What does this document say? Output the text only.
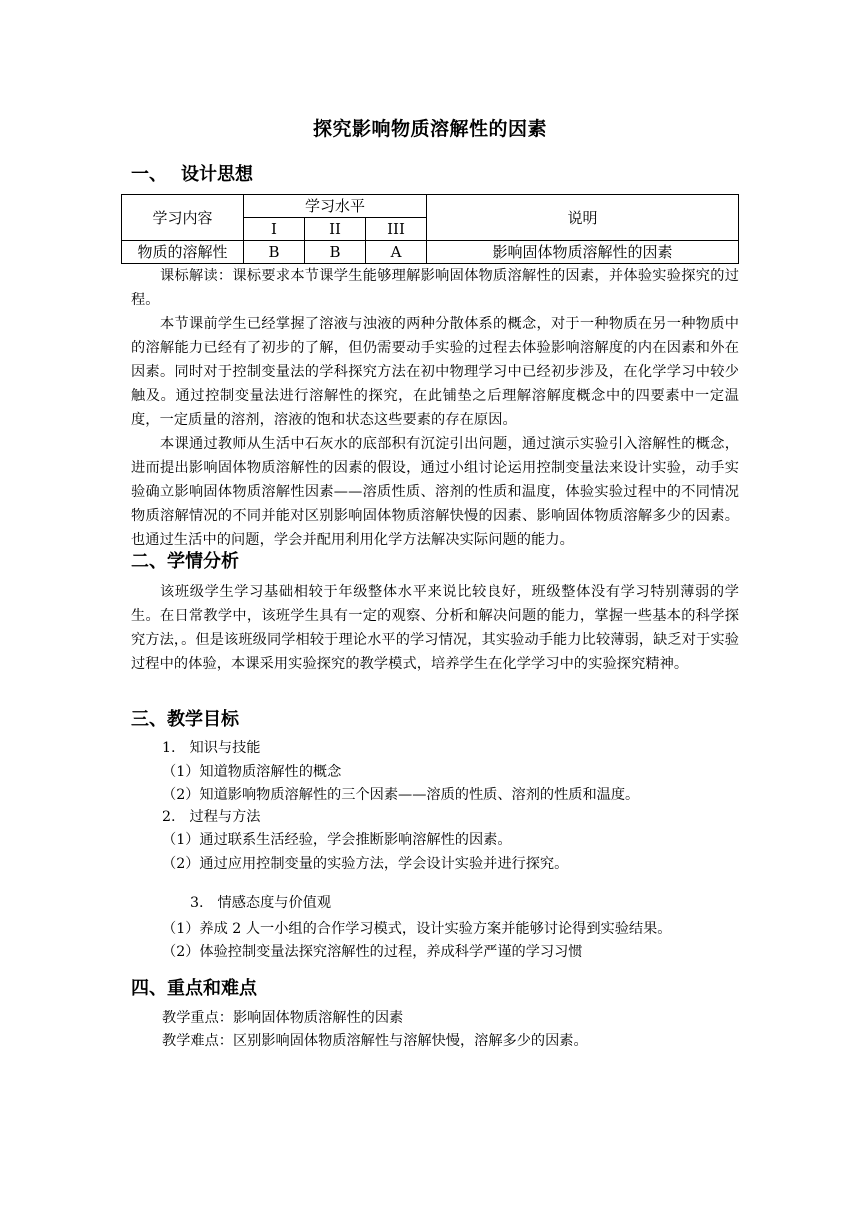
探究影响物质溶解性的因素
一、 设计思想
学习内容	学习水平			说明
	I	II	III	
物质的溶解性	B	B	A	影响固体物质溶解性的因素

课标解读：课标要求本节课学生能够理解影响固体物质溶解性的因素，并体验实验探究的过程。

本节课前学生已经掌握了溶液与浊液的两种分散体系的概念，对于一种物质在另一种物质中的溶解能力已经有了初步的了解，但仍需要动手实验的过程去体验影响溶解度的内在因素和外在因素。同时对于控制变量法的学科探究方法在初中物理学习中已经初步涉及，在化学学习中较少触及。通过控制变量法进行溶解性的探究，在此铺垫之后理解溶解度概念中的四要素中一定温度，一定质量的溶剂，溶液的饱和状态这些要素的存在原因。

本课通过教师从生活中石灰水的底部积有沉淀引出问题，通过演示实验引入溶解性的概念，进而提出影响固体物质溶解性的因素的假设，通过小组讨论运用控制变量法来设计实验，动手实验确立影响固体物质溶解性因素——溶质性质、溶剂的性质和温度，体验实验过程中的不同情况物质溶解情况的不同并能对区别影响固体物质溶解快慢的因素、影响固体物质溶解多少的因素。也通过生活中的问题，学会并配用利用化学方法解决实际问题的能力。

二、学情分析

该班级学生学习基础相较于年级整体水平来说比较良好，班级整体没有学习特别薄弱的学生。在日常教学中，该班学生具有一定的观察、分析和解决问题的能力，掌握一些基本的科学探究方法，。但是该班级同学相较于理论水平的学习情况，其实验动手能力比较薄弱，缺乏对于实验过程中的体验，本课采用实验探究的教学模式，培养学生在化学学习中的实验探究精神。

三、教学目标
1. 知识与技能
（1）知道物质溶解性的概念
（2）知道影响物质溶解性的三个因素——溶质的性质、溶剂的性质和温度。
2. 过程与方法
（1）通过联系生活经验，学会推断影响溶解性的因素。
（2）通过应用控制变量的实验方法，学会设计实验并进行探究。
3. 情感态度与价值观
（1）养成 2 人一小组的合作学习模式，设计实验方案并能够讨论得到实验结果。
（2）体验控制变量法探究溶解性的过程，养成科学严谨的学习习惯
四、重点和难点
教学重点：影响固体物质溶解性的因素
教学难点：区别影响固体物质溶解性与溶解快慢，溶解多少的因素。
